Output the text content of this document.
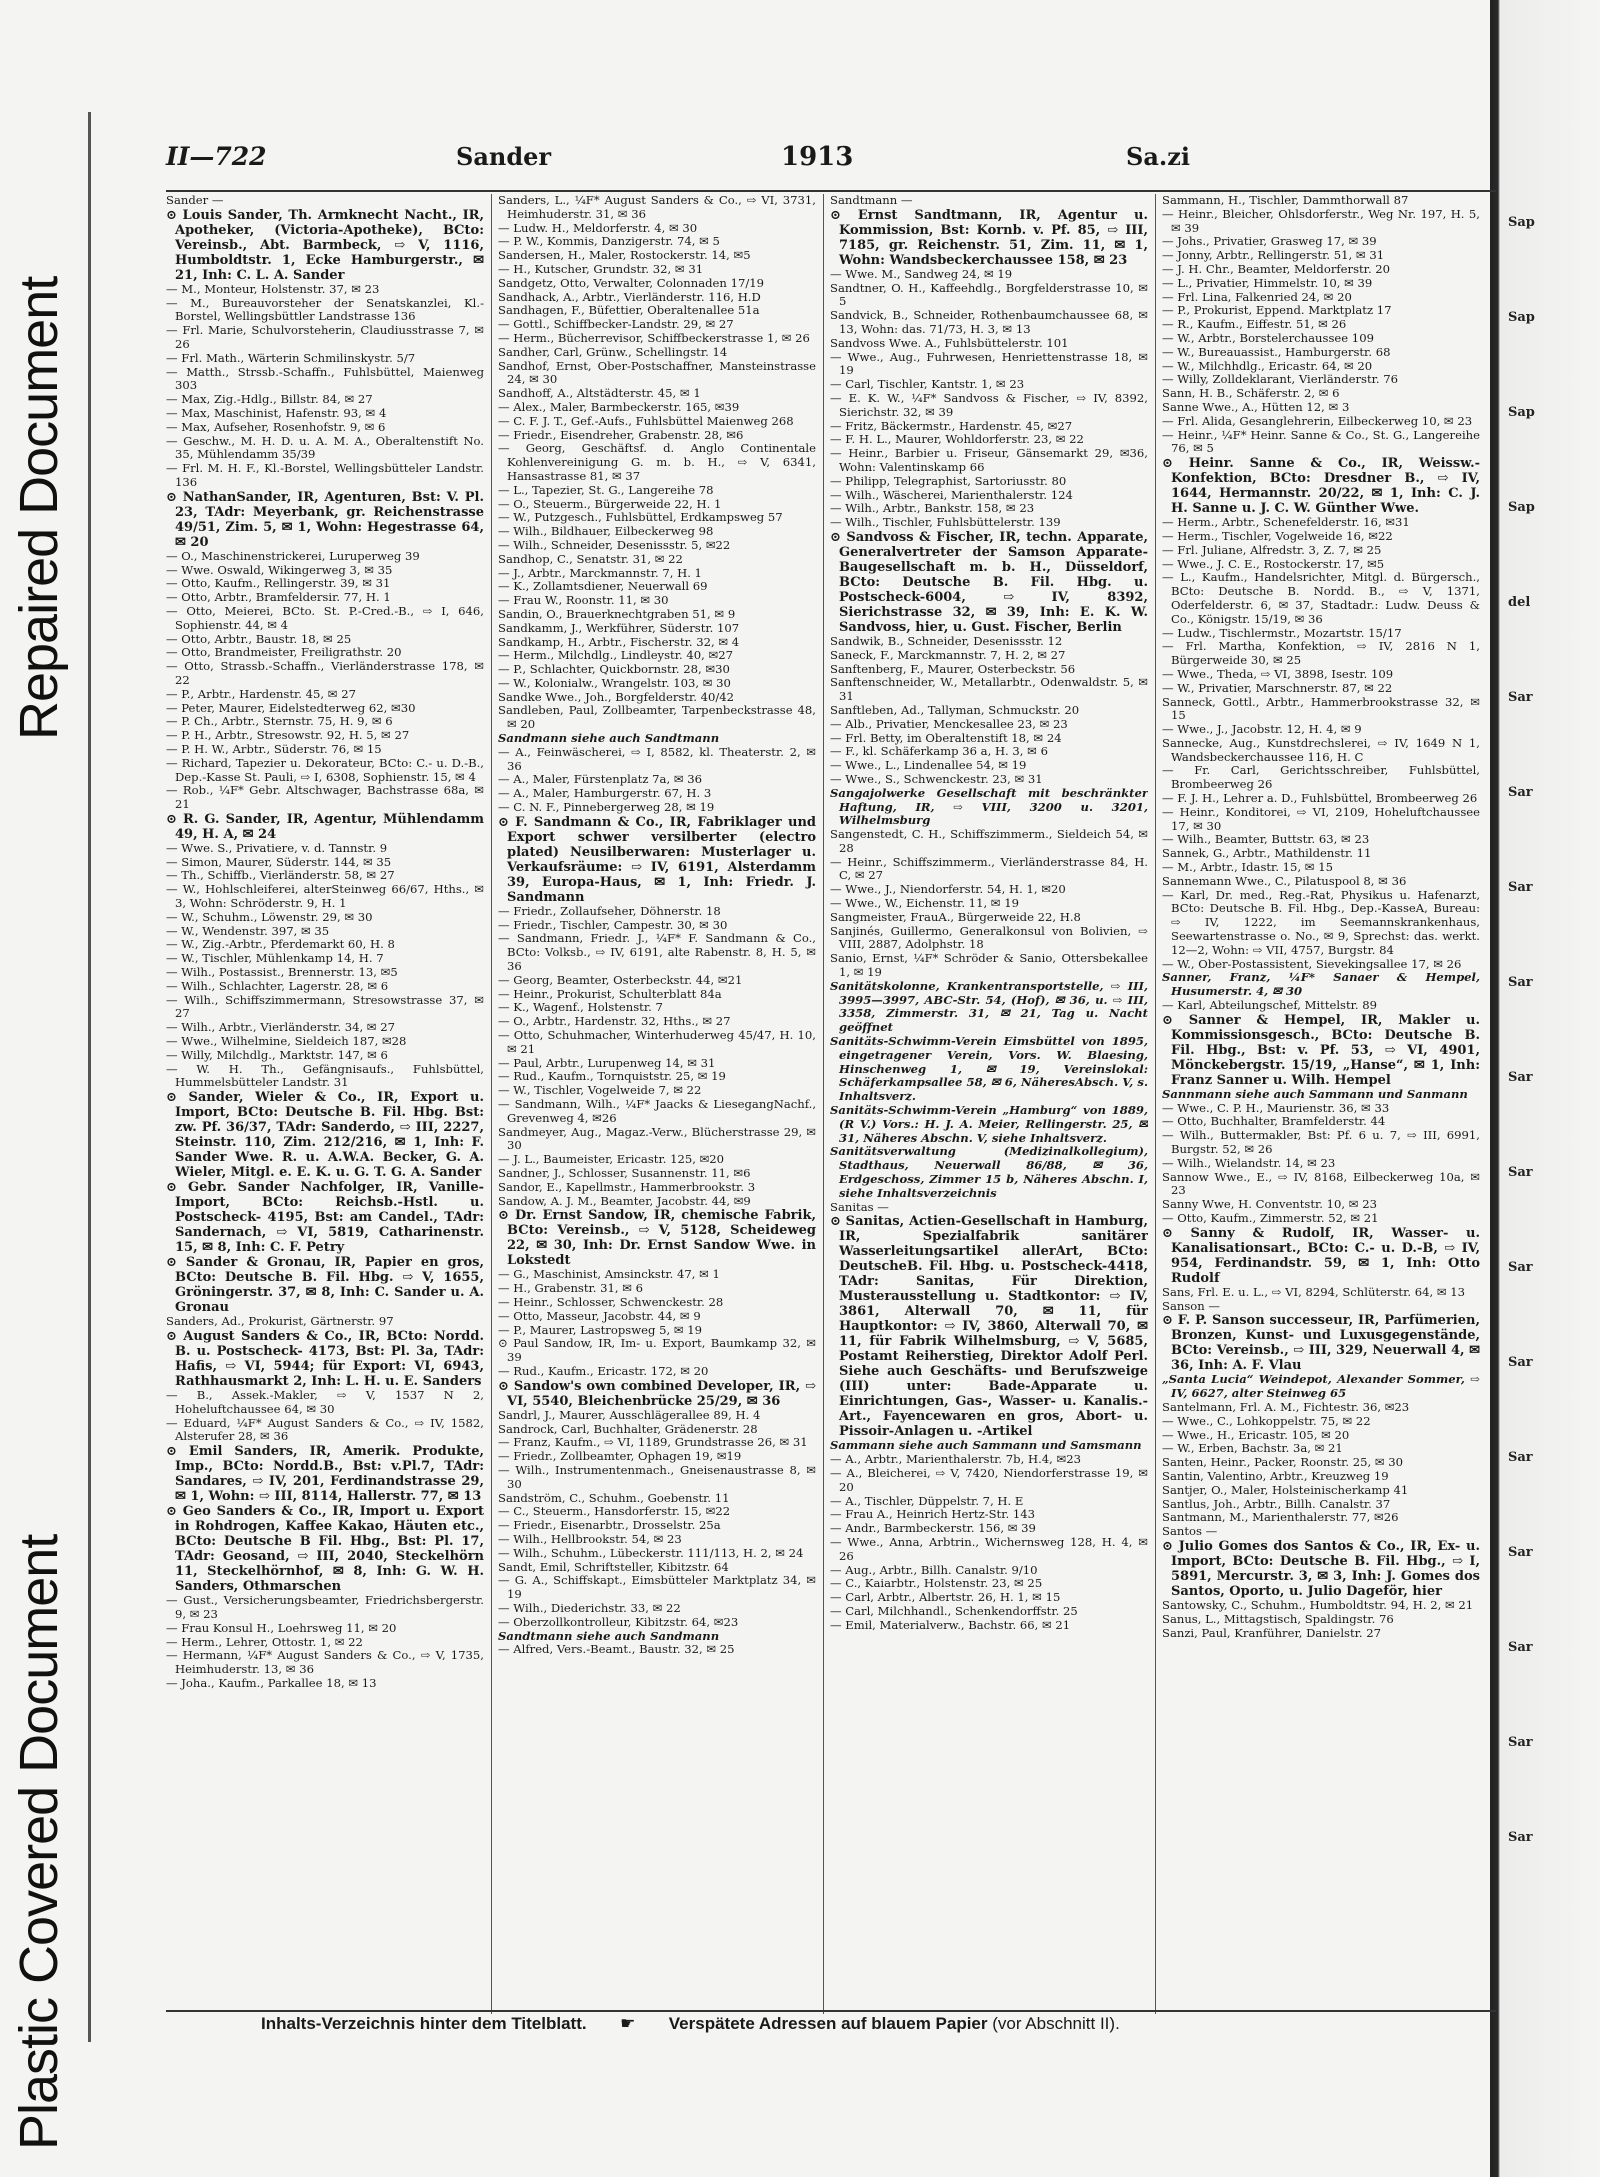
Repaired Document
Plastic Covered Document
Sap
Sap
Sap
Sap
del
Sar
Sar
Sar
Sar
Sar
Sar
Sar
Sar
Sar
Sar
Sar
Sar
Sar
II—722	Sander	1913	Sa.zi

Sander —

⊙ Louis Sander, Th. Armknecht Nacht., IR, Apotheker, (Victoria-Apotheke), BCto: Vereinsb., Abt. Barmbeck, ⇨ V, 1116, Humboldtstr. 1, Ecke Hamburgerstr., ✉ 21, Inh: C. L. A. Sander

— M., Monteur, Holstenstr. 37, ✉ 23

— M., Bureauvorsteher der Senatskanzlei, Kl.-Borstel, Wellingsbüttler Landstrasse 136

— Frl. Marie, Schulvorsteherin, Claudiusstrasse 7, ✉ 26

— Frl. Math., Wärterin Schmilinskystr. 5/7

— Matth., Strssb.-Schaffn., Fuhlsbüttel, Maienweg 303

— Max, Zig.-Hdlg., Billstr. 84, ✉ 27

— Max, Maschinist, Hafenstr. 93, ✉ 4

— Max, Aufseher, Rosenhofstr. 9, ✉ 6

— Geschw., M. H. D. u. A. M. A., Oberaltenstift No. 35, Mühlendamm 35/39

— Frl. M. H. F., Kl.-Borstel, Wellingsbütteler Landstr. 136

⊙ NathanSander, IR, Agenturen, Bst: V. Pl. 23, TAdr: Meyerbank, gr. Reichenstrasse 49/51, Zim. 5, ✉ 1, Wohn: Hegestrasse 64, ✉ 20

— O., Maschinenstrickerei, Luruperweg 39

— Wwe. Oswald, Wikingerweg 3, ✉ 35

— Otto, Kaufm., Rellingerstr. 39, ✉ 31

— Otto, Arbtr., Bramfeldersir. 77, H. 1

— Otto, Meierei, BCto. St. P.-Cred.-B., ⇨ I, 646, Sophienstr. 44, ✉ 4

— Otto, Arbtr., Baustr. 18, ✉ 25

— Otto, Brandmeister, Freiligrathstr. 20

— Otto, Strassb.-Schaffn., Vierländerstrasse 178, ✉ 22

— P., Arbtr., Hardenstr. 45, ✉ 27

— Peter, Maurer, Eidelstedterweg 62, ✉30

— P. Ch., Arbtr., Sternstr. 75, H. 9, ✉ 6

— P. H., Arbtr., Stresowstr. 92, H. 5, ✉ 27

— P. H. W., Arbtr., Süderstr. 76, ✉ 15

— Richard, Tapezier u. Dekorateur, BCto: C.- u. D.-B., Dep.-Kasse St. Pauli, ⇨ I, 6308, Sophienstr. 15, ✉ 4

— Rob., ¼F* Gebr. Altschwager, Bachstrasse 68a, ✉ 21

⊙ R. G. Sander, IR, Agentur, Mühlendamm 49, H. A, ✉ 24

— Wwe. S., Privatiere, v. d. Tannstr. 9

— Simon, Maurer, Süderstr. 144, ✉ 35

— Th., Schiffb., Vierländerstr. 58, ✉ 27

— W., Hohlschleiferei, alterSteinweg 66/67, Hths., ✉ 3, Wohn: Schröderstr. 9, H. 1

— W., Schuhm., Löwenstr. 29, ✉ 30

— W., Wendenstr. 397, ✉ 35

— W., Zig.-Arbtr., Pferdemarkt 60, H. 8

— W., Tischler, Mühlenkamp 14, H. 7

— Wilh., Postassist., Brennerstr. 13, ✉5

— Wilh., Schlachter, Lagerstr. 28, ✉ 6

— Wilh., Schiffszimmermann, Stresowstrasse 37, ✉ 27

— Wilh., Arbtr., Vierländerstr. 34, ✉ 27

— Wwe., Wilhelmine, Sieldeich 187, ✉28

— Willy, Milchdlg., Marktstr. 147, ✉ 6

— W. H. Th., Gefängnisaufs., Fuhlsbüttel, Hummelsbütteler Landstr. 31

⊙ Sander, Wieler & Co., IR, Export u. Import, BCto: Deutsche B. Fil. Hbg. Bst: zw. Pf. 36/37, TAdr: Sanderdo, ⇨ III, 2227, Steinstr. 110, Zim. 212/216, ✉ 1, Inh: F. Sander Wwe. R. u. A.W.A. Becker, G. A. Wieler, Mitgl. e. E. K. u. G. T. G. A. Sander

⊙ Gebr. Sander Nachfolger, IR, Vanille-Import, BCto: Reichsb.-Hstl. u. Postscheck- 4195, Bst: am Candel., TAdr: Sandernach, ⇨ VI, 5819, Catharinenstr. 15, ✉ 8, Inh: C. F. Petry

⊙ Sander & Gronau, IR, Papier en gros, BCto: Deutsche B. Fil. Hbg. ⇨ V, 1655, Gröningerstr. 37, ✉ 8, Inh: C. Sander u. A. Gronau

Sanders, Ad., Prokurist, Gärtnerstr. 97

⊙ August Sanders & Co., IR, BCto: Nordd. B. u. Postscheck- 4173, Bst: Pl. 3a, TAdr: Hafis, ⇨ VI, 5944; für Export: VI, 6943, Rathhausmarkt 2, Inh: L. H. u. E. Sanders

— B., Assek.-Makler, ⇨ V, 1537 N 2, Hoheluftchaussee 64, ✉ 30

— Eduard, ¼F* August Sanders & Co., ⇨ IV, 1582, Alsterufer 28, ✉ 36

⊙ Emil Sanders, IR, Amerik. Produkte, Imp., BCto: Nordd.B., Bst: v.Pl.7, TAdr: Sandares, ⇨ IV, 201, Ferdinandstrasse 29, ✉ 1, Wohn: ⇨ III, 8114, Hallerstr. 77, ✉ 13

⊙ Geo Sanders & Co., IR, Import u. Export in Rohdrogen, Kaffee Kakao, Häuten etc., BCto: Deutsche B Fil. Hbg., Bst: Pl. 17, TAdr: Geosand, ⇨ III, 2040, Steckelhörn 11, Steckelhörnhof, ✉ 8, Inh: G. W. H. Sanders, Othmarschen

— Gust., Versicherungsbeamter, Friedrichsbergerstr. 9, ✉ 23

— Frau Konsul H., Loehrsweg 11, ✉ 20

— Herm., Lehrer, Ottostr. 1, ✉ 22

— Hermann, ¼F* August Sanders & Co., ⇨ V, 1735, Heimhuderstr. 13, ✉ 36

— Joha., Kaufm., Parkallee 18, ✉ 13

Sanders, L., ¼F* August Sanders & Co., ⇨ VI, 3731, Heimhuderstr. 31, ✉ 36

— Ludw. H., Meldorferstr. 4, ✉ 30

— P. W., Kommis, Danzigerstr. 74, ✉ 5

Sandersen, H., Maler, Rostockerstr. 14, ✉5

— H., Kutscher, Grundstr. 32, ✉ 31

Sandgetz, Otto, Verwalter, Colonnaden 17/19

Sandhack, A., Arbtr., Vierländerstr. 116, H.D

Sandhagen, F., Büfettier, Oberaltenallee 51a

— Gottl., Schiffbecker-Landstr. 29, ✉ 27

— Herm., Bücherrevisor, Schiffbeckerstrasse 1, ✉ 26

Sandher, Carl, Grünw., Schellingstr. 14

Sandhof, Ernst, Ober-Postschaffner, Mansteinstrasse 24, ✉ 30

Sandhoff, A., Altstädterstr. 45, ✉ 1

— Alex., Maler, Barmbeckerstr. 165, ✉39

— C. F. J. T., Gef.-Aufs., Fuhlsbüttel Maienweg 268

— Friedr., Eisendreher, Grabenstr. 28, ✉6

— Georg, Geschäftsf. d. Anglo Continentale Kohlenvereinigung G. m. b. H., ⇨ V, 6341, Hansastrasse 81, ✉ 37

— L., Tapezier, St. G., Langereihe 78

— O., Steuerm., Bürgerweide 22, H. 1

— W., Putzgesch., Fuhlsbüttel, Erdkampsweg 57

— Wilh., Bildhauer, Eilbeckerweg 98

— Wilh., Schneider, Desenissstr. 5, ✉22

Sandhop, C., Senatstr. 31, ✉ 22

— J., Arbtr., Marckmannstr. 7, H. 1

— K., Zollamtsdiener, Neuerwall 69

— Frau W., Roonstr. 11, ✉ 30

Sandin, O., Brauerknechtgraben 51, ✉ 9

Sandkamm, J., Werkführer, Süderstr. 107

Sandkamp, H., Arbtr., Fischerstr. 32, ✉ 4

— Herm., Milchdlg., Lindleystr. 40, ✉27

— P., Schlachter, Quickbornstr. 28, ✉30

— W., Kolonialw., Wrangelstr. 103, ✉ 30

Sandke Wwe., Joh., Borgfelderstr. 40/42

Sandleben, Paul, Zollbeamter, Tarpenbeckstrasse 48, ✉ 20

Sandmann siehe auch Sandtmann

— A., Feinwäscherei, ⇨ I, 8582, kl. Theaterstr. 2, ✉ 36

— A., Maler, Fürstenplatz 7a, ✉ 36

— A., Maler, Hamburgerstr. 67, H. 3

— C. N. F., Pinnebergerweg 28, ✉ 19

⊙ F. Sandmann & Co., IR, Fabriklager und Export schwer versilberter (electro plated) Neusilberwaren: Musterlager u. Verkaufsräume: ⇨ IV, 6191, Alsterdamm 39, Europa-Haus, ✉ 1, Inh: Friedr. J. Sandmann

— Friedr., Zollaufseher, Döhnerstr. 18

— Friedr., Tischler, Campestr. 30, ✉ 30

— Sandmann, Friedr. J., ¼F* F. Sandmann & Co., BCto: Volksb., ⇨ IV, 6191, alte Rabenstr. 8, H. 5, ✉ 36

— Georg, Beamter, Osterbeckstr. 44, ✉21

— Heinr., Prokurist, Schulterblatt 84a

— K., Wagenf., Holstenstr. 7

— O., Arbtr., Hardenstr. 32, Hths., ✉ 27

— Otto, Schuhmacher, Winterhuderweg 45/47, H. 10, ✉ 21

— Paul, Arbtr., Lurupenweg 14, ✉ 31

— Rud., Kaufm., Tornquiststr. 25, ✉ 19

— W., Tischler, Vogelweide 7, ✉ 22

— Sandmann, Wilh., ¼F* Jaacks & LiesegangNachf., Grevenweg 4, ✉26

Sandmeyer, Aug., Magaz.-Verw., Blücherstrasse 29, ✉ 30

— J. L., Baumeister, Ericastr. 125, ✉20

Sandner, J., Schlosser, Susannenstr. 11, ✉6

Sandor, E., Kapellmstr., Hammerbrookstr. 3

Sandow, A. J. M., Beamter, Jacobstr. 44, ✉9

⊙ Dr. Ernst Sandow, IR, chemische Fabrik, BCto: Vereinsb., ⇨ V, 5128, Scheideweg 22, ✉ 30, Inh: Dr. Ernst Sandow Wwe. in Lokstedt

— G., Maschinist, Amsinckstr. 47, ✉ 1

— H., Grabenstr. 31, ✉ 6

— Heinr., Schlosser, Schwenckestr. 28

— Otto, Masseur, Jacobstr. 44, ✉ 9

— P., Maurer, Lastropsweg 5, ✉ 19

⊙ Paul Sandow, IR, Im- u. Export, Baumkamp 32, ✉ 39

— Rud., Kaufm., Ericastr. 172, ✉ 20

⊙ Sandow's own combined Developer, IR, ⇨ VI, 5540, Bleichenbrücke 25/29, ✉ 36

Sandrl, J., Maurer, Ausschlägerallee 89, H. 4

Sandrock, Carl, Buchhalter, Grädenerstr. 28

— Franz, Kaufm., ⇨ VI, 1189, Grundstrasse 26, ✉ 31

— Friedr., Zollbeamter, Ophagen 19, ✉19

— Wilh., Instrumentenmach., Gneisenaustrasse 8, ✉ 30

Sandström, C., Schuhm., Goebenstr. 11

— C., Steuerm., Hansdorferstr. 15, ✉22

— Friedr., Eisenarbtr., Drosselstr. 25a

— Wilh., Hellbrookstr. 54, ✉ 23

— Wilh., Schuhm., Lübeckerstr. 111/113, H. 2, ✉ 24

Sandt, Emil, Schriftsteller, Kibitzstr. 64

— G. A., Schiffskapt., Eimsbütteler Marktplatz 34, ✉ 19

— Wilh., Diederichstr. 33, ✉ 22

— Oberzollkontrolleur, Kibitzstr. 64, ✉23

Sandtmann siehe auch Sandmann

— Alfred, Vers.-Beamt., Baustr. 32, ✉ 25

Sandtmann —

⊙ Ernst Sandtmann, IR, Agentur u. Kommission, Bst: Kornb. v. Pf. 85, ⇨ III, 7185, gr. Reichenstr. 51, Zim. 11, ✉ 1, Wohn: Wandsbeckerchaussee 158, ✉ 23

— Wwe. M., Sandweg 24, ✉ 19

Sandtner, O. H., Kaffeehdlg., Borgfelderstrasse 10, ✉ 5

Sandvick, B., Schneider, Rothenbaumchaussee 68, ✉ 13, Wohn: das. 71/73, H. 3, ✉ 13

Sandvoss Wwe. A., Fuhlsbüttelerstr. 101

— Wwe., Aug., Fuhrwesen, Henriettenstrasse 18, ✉ 19

— Carl, Tischler, Kantstr. 1, ✉ 23

— E. K. W., ¼F* Sandvoss & Fischer, ⇨ IV, 8392, Sierichstr. 32, ✉ 39

— Fritz, Bäckermstr., Hardenstr. 45, ✉27

— F. H. L., Maurer, Wohldorferstr. 23, ✉ 22

— Heinr., Barbier u. Friseur, Gänsemarkt 29, ✉36, Wohn: Valentinskamp 66

— Philipp, Telegraphist, Sartoriusstr. 80

— Wilh., Wäscherei, Marienthalerstr. 124

— Wilh., Arbtr., Bankstr. 158, ✉ 23

— Wilh., Tischler, Fuhlsbüttelerstr. 139

⊙ Sandvoss & Fischer, IR, techn. Apparate, Generalvertreter der Samson Apparate-Baugesellschaft m. b. H., Düsseldorf, BCto: Deutsche B. Fil. Hbg. u. Postscheck-6004, ⇨ IV, 8392, Sierichstrasse 32, ✉ 39, Inh: E. K. W. Sandvoss, hier, u. Gust. Fischer, Berlin

Sandwik, B., Schneider, Desenissstr. 12

Saneck, F., Marckmannstr. 7, H. 2, ✉ 27

Sanftenberg, F., Maurer, Osterbeckstr. 56

Sanftenschneider, W., Metallarbtr., Odenwaldstr. 5, ✉ 31

Sanftleben, Ad., Tallyman, Schmuckstr. 20

— Alb., Privatier, Menckesallee 23, ✉ 23

— Frl. Betty, im Oberaltenstift 18, ✉ 24

— F., kl. Schäferkamp 36 a, H. 3, ✉ 6

— Wwe., L., Lindenallee 54, ✉ 19

— Wwe., S., Schwenckestr. 23, ✉ 31

Sangajolwerke Gesellschaft mit beschränkter Haftung, IR, ⇨ VIII, 3200 u. 3201, Wilhelmsburg

Sangenstedt, C. H., Schiffszimmerm., Sieldeich 54, ✉ 28

— Heinr., Schiffszimmerm., Vierländerstrasse 84, H. C, ✉ 27

— Wwe., J., Niendorferstr. 54, H. 1, ✉20

— Wwe., W., Eichenstr. 11, ✉ 19

Sangmeister, FrauA., Bürgerweide 22, H.8

Sanjinés, Guillermo, Generalkonsul von Bolivien, ⇨ VIII, 2887, Adolphstr. 18

Sanio, Ernst, ¼F* Schröder & Sanio, Ottersbekallee 1, ✉ 19

Sanitätskolonne, Krankentransportstelle, ⇨ III, 3995—3997, ABC-Str. 54, (Hof), ✉ 36, u. ⇨ III, 3358, Zimmerstr. 31, ✉ 21, Tag u. Nacht geöffnet

Sanitäts-Schwimm-Verein Eimsbüttel von 1895, eingetragener Verein, Vors. W. Blaesing, Hinschenweg 1, ✉ 19, Vereinslokal: Schäferkampsallee 58, ✉ 6, NäheresAbsch. V, s. Inhaltsverz.

Sanitäts-Schwimm-Verein „Hamburg“ von 1889, (R V.) Vors.: H. J. A. Meier, Rellingerstr. 25, ✉ 31, Näheres Abschn. V, siehe Inhaltsverz.

Sanitätsverwaltung (Medizinalkollegium), Stadthaus, Neuerwall 86/88, ✉ 36, Erdgeschoss, Zimmer 15 b, Näheres Abschn. I, siehe Inhaltsverzeichnis

Sanitas —

⊙ Sanitas, Actien-Gesellschaft in Hamburg, IR, Spezialfabrik sanitärer Wasserleitungsartikel allerArt, BCto: DeutscheB. Fil. Hbg. u. Postscheck-4418, TAdr: Sanitas, Für Direktion, Musterausstellung u. Stadtkontor: ⇨ IV, 3861, Alterwall 70, ✉ 11, für Hauptkontor: ⇨ IV, 3860, Alterwall 70, ✉ 11, für Fabrik Wilhelmsburg, ⇨ V, 5685, Postamt Reiherstieg, Direktor Adolf Perl. Siehe auch Geschäfts- und Berufszweige (III) unter: Bade-Apparate u. Einrichtungen, Gas-, Wasser- u. Kanalis.-Art., Fayencewaren en gros, Abort- u. Pissoir-Anlagen u. -Artikel

Sammann siehe auch Sammann und Samsmann

— A., Arbtr., Marienthalerstr. 7b, H.4, ✉23

— A., Bleicherei, ⇨ V, 7420, Niendorferstrasse 19, ✉ 20

— A., Tischler, Düppelstr. 7, H. E

— Frau A., Heinrich Hertz-Str. 143

— Andr., Barmbeckerstr. 156, ✉ 39

— Wwe., Anna, Arbtrin., Wichernsweg 128, H. 4, ✉ 26

— Aug., Arbtr., Billh. Canalstr. 9/10

— C., Kaiarbtr., Holstenstr. 23, ✉ 25

— Carl, Arbtr., Albertstr. 26, H. 1, ✉ 15

— Carl, Milchhandl., Schenkendorffstr. 25

— Emil, Materialverw., Bachstr. 66, ✉ 21

Sammann, H., Tischler, Dammthorwall 87

— Heinr., Bleicher, Ohlsdorferstr., Weg Nr. 197, H. 5, ✉ 39

— Johs., Privatier, Grasweg 17, ✉ 39

— Jonny, Arbtr., Rellingerstr. 51, ✉ 31

— J. H. Chr., Beamter, Meldorferstr. 20

— L., Privatier, Himmelstr. 10, ✉ 39

— Frl. Lina, Falkenried 24, ✉ 20

— P., Prokurist, Eppend. Marktplatz 17

— R., Kaufm., Eiffestr. 51, ✉ 26

— W., Arbtr., Borstelerchaussee 109

— W., Bureauassist., Hamburgerstr. 68

— W., Milchhdlg., Ericastr. 64, ✉ 20

— Willy, Zolldeklarant, Vierländerstr. 76

Sann, H. B., Schäferstr. 2, ✉ 6

Sanne Wwe., A., Hütten 12, ✉ 3

— Frl. Alida, Gesanglehrerin, Eilbeckerweg 10, ✉ 23

— Heinr., ¼F* Heinr. Sanne & Co., St. G., Langereihe 76, ✉ 5

⊙ Heinr. Sanne & Co., IR, Weissw.-Konfektion, BCto: Dresdner B., ⇨ IV, 1644, Hermannstr. 20/22, ✉ 1, Inh: C. J. H. Sanne u. J. C. W. Günther Wwe.

— Herm., Arbtr., Schenefelderstr. 16, ✉31

— Herm., Tischler, Vogelweide 16, ✉22

— Frl. Juliane, Alfredstr. 3, Z. 7, ✉ 25

— Wwe., J. C. E., Rostockerstr. 17, ✉5

— L., Kaufm., Handelsrichter, Mitgl. d. Bürgersch., BCto: Deutsche B. Nordd. B., ⇨ V, 1371, Oderfelderstr. 6, ✉ 37, Stadtadr.: Ludw. Deuss & Co., Königstr. 15/19, ✉ 36

— Ludw., Tischlermstr., Mozartstr. 15/17

— Frl. Martha, Konfektion, ⇨ IV, 2816 N 1, Bürgerweide 30, ✉ 25

— Wwe., Theda, ⇨ VI, 3898, Isestr. 109

— W., Privatier, Marschnerstr. 87, ✉ 22

Sanneck, Gottl., Arbtr., Hammerbrookstrasse 32, ✉ 15

— Wwe., J., Jacobstr. 12, H. 4, ✉ 9

Sannecke, Aug., Kunstdrechslerei, ⇨ IV, 1649 N 1, Wandsbeckerchaussee 116, H. C

— Fr. Carl, Gerichtsschreiber, Fuhlsbüttel, Brombeerweg 26

— F. J. H., Lehrer a. D., Fuhlsbüttel, Brombeerweg 26

— Heinr., Konditorei, ⇨ VI, 2109, Hoheluftchaussee 17, ✉ 30

— Wilh., Beamter, Buttstr. 63, ✉ 23

Sannek, G., Arbtr., Mathildenstr. 11

— M., Arbtr., Idastr. 15, ✉ 15

Sannemann Wwe., C., Pilatuspool 8, ✉ 36

— Karl, Dr. med., Reg.-Rat, Physikus u. Hafenarzt, BCto: Deutsche B. Fil. Hbg., Dep.-KasseA, Bureau: ⇨ IV, 1222, im Seemannskrankenhaus, Seewartenstrasse o. No., ✉ 9, Sprechst: das. werkt. 12—2, Wohn: ⇨ VII, 4757, Burgstr. 84

— W., Ober-Postassistent, Sievekingsallee 17, ✉ 26

Sanner, Franz, ¼F* Sanaer & Hempel, Husumerstr. 4, ✉ 30

— Karl, Abteilungschef, Mittelstr. 89

⊙ Sanner & Hempel, IR, Makler u. Kommissionsgesch., BCto: Deutsche B. Fil. Hbg., Bst: v. Pf. 53, ⇨ VI, 4901, Mönckebergstr. 15/19, „Hanse“, ✉ 1, Inh: Franz Sanner u. Wilh. Hempel

Sannmann siehe auch Sammann und Sanmann

— Wwe., C. P. H., Maurienstr. 36, ✉ 33

— Otto, Buchhalter, Bramfelderstr. 44

— Wilh., Buttermakler, Bst: Pf. 6 u. 7, ⇨ III, 6991, Burgstr. 52, ✉ 26

— Wilh., Wielandstr. 14, ✉ 23

Sannow Wwe., E., ⇨ IV, 8168, Eilbeckerweg 10a, ✉ 23

Sanny Wwe, H. Conventstr. 10, ✉ 23

— Otto, Kaufm., Zimmerstr. 52, ✉ 21

⊙ Sanny & Rudolf, IR, Wasser- u. Kanalisationsart., BCto: C.- u. D.-B, ⇨ IV, 954, Ferdinandstr. 59, ✉ 1, Inh: Otto Rudolf

Sans, Frl. E. u. L., ⇨ VI, 8294, Schlüterstr. 64, ✉ 13

Sanson —

⊙ F. P. Sanson successeur, IR, Parfümerien, Bronzen, Kunst- und Luxusgegenstände, BCto: Vereinsb., ⇨ III, 329, Neuerwall 4, ✉ 36, Inh: A. F. Vlau

„Santa Lucia“ Weindepot, Alexander Sommer, ⇨ IV, 6627, alter Steinweg 65

Santelmann, Frl. A. M., Fichtestr. 36, ✉23

— Wwe., C., Lohkoppelstr. 75, ✉ 22

— Wwe., H., Ericastr. 105, ✉ 20

— W., Erben, Bachstr. 3a, ✉ 21

Santen, Heinr., Packer, Roonstr. 25, ✉ 30

Santin, Valentino, Arbtr., Kreuzweg 19

Santjer, O., Maler, Holsteinischerkamp 41

Santlus, Joh., Arbtr., Billh. Canalstr. 37

Santmann, M., Marienthalerstr. 77, ✉26

Santos —

⊙ Julio Gomes dos Santos & Co., IR, Ex- u. Import, BCto: Deutsche B. Fil. Hbg., ⇨ I, 5891, Mercurstr. 3, ✉ 3, Inh: J. Gomes dos Santos, Oporto, u. Julio Dageför, hier

Santowsky, C., Schuhm., Humboldtstr. 94, H. 2, ✉ 21

Sanus, L., Mittagstisch, Spaldingstr. 76

Sanzi, Paul, Kranführer, Danielstr. 27

Inhalts-Verzeichnis hinter dem Titelblatt. ☛ Verspätete Adressen auf blauem Papier (vor Abschnitt II).
